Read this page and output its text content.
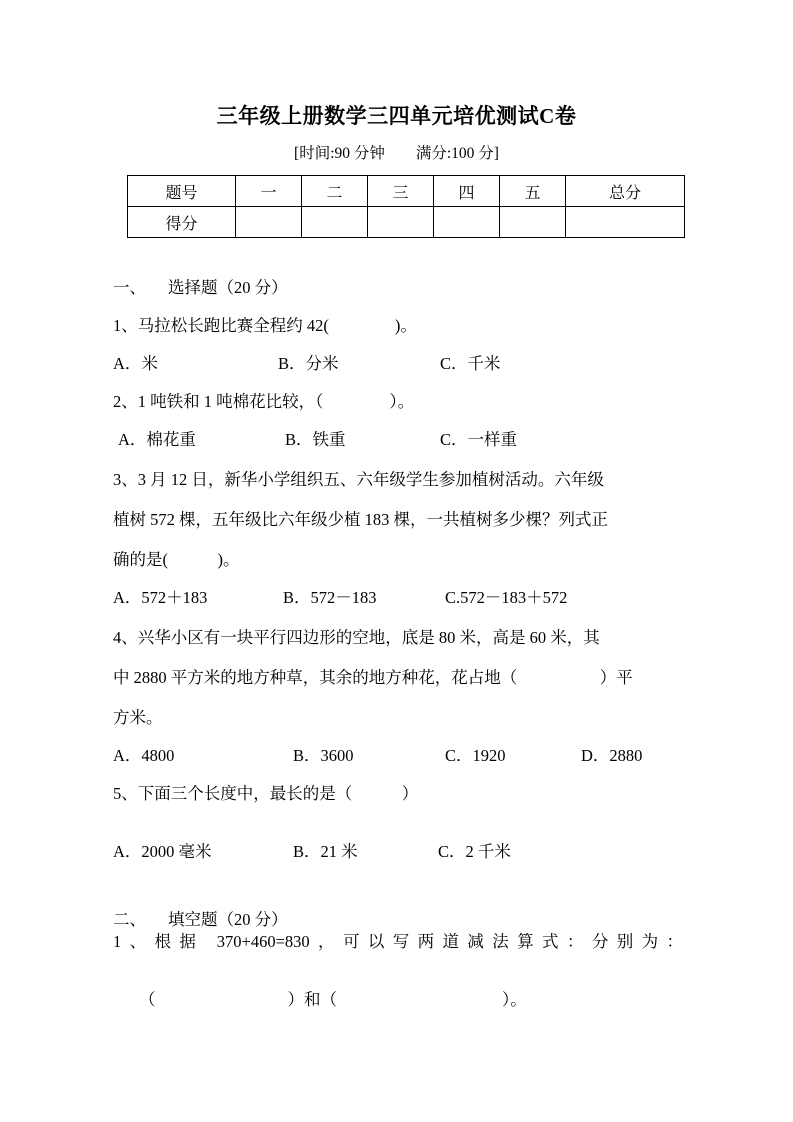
三年级上册数学三四单元培优测试C卷
[时间:90 分钟　　满分:100 分]
题号	一	二	三	四	五	总分
得分						
一、 选择题（20 分）
1、马拉松长跑比赛全程约 42(　　　　)。
A．米	B．分米	C．千米
2、1 吨铁和 1 吨棉花比较，（　　　　）。
A．棉花重	B．铁重	C．一样重
3、3 月 12 日，新华小学组织五、六年级学生参加植树活动。六年级
植树 572 棵，五年级比六年级少植 183 棵，一共植树多少棵？列式正
确的是(　　　)。
A．572＋183	B．572－183	C.572－183＋572
4、兴华小区有一块平行四边形的空地，底是 80 米，高是 60 米，其
中 2880 平方米的地方种草，其余的地方种花，花占地（　　　　　）平
方米。
A．4800	B．3600	C．1920	D．2880
5、下面三个长度中，最长的是（　　　）
A．2000 毫米	B．21 米	C．2 千米
二、 填空题（20 分）
1、根据 370+460=830，可以写两道减法算式：分别为：
（　　　　　　　　）和（　　　　　　　　　　）。
